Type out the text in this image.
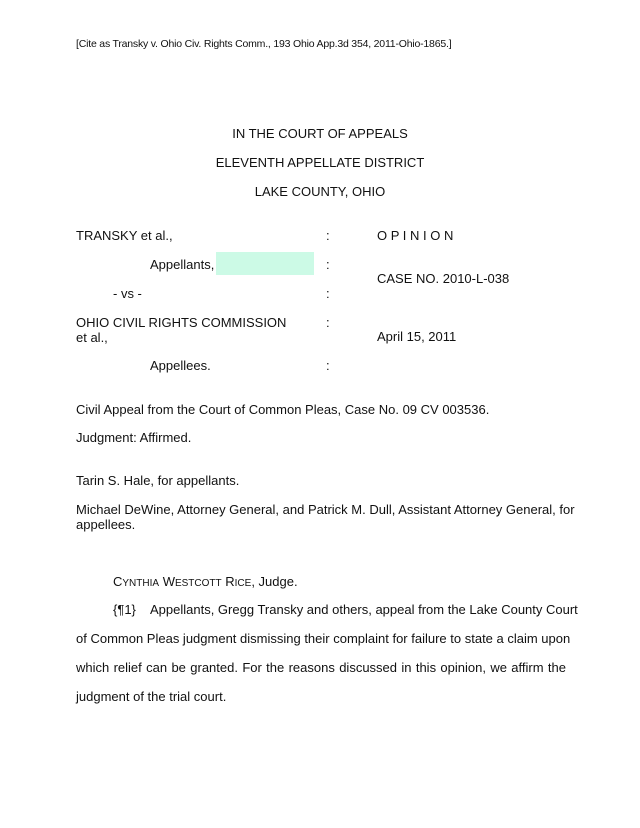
[Cite as Transky v. Ohio Civ. Rights Comm., 193 Ohio App.3d 354, 2011-Ohio-1865.]
IN THE COURT OF APPEALS
ELEVENTH APPELLATE DISTRICT
LAKE COUNTY, OHIO
TRANSKY et al.,
Appellants,
- vs -
OHIO CIVIL RIGHTS COMMISSION
et al.,
Appellees.
:
:
:
:
:
O P I N I O N
CASE NO. 2010-L-038
April 15, 2011
Civil Appeal from the Court of Common Pleas, Case No. 09 CV 003536.
Judgment: Affirmed.
Tarin S. Hale, for appellants.
Michael DeWine, Attorney General, and Patrick M. Dull, Assistant Attorney General, for
appellees.
CYNTHIA WESTCOTT RICE, Judge.
{¶1} Appellants, Gregg Transky and others, appeal from the Lake County Court
of Common Pleas judgment dismissing their complaint for failure to state a claim upon
which relief can be granted. For the reasons discussed in this opinion, we affirm the
judgment of the trial court.
